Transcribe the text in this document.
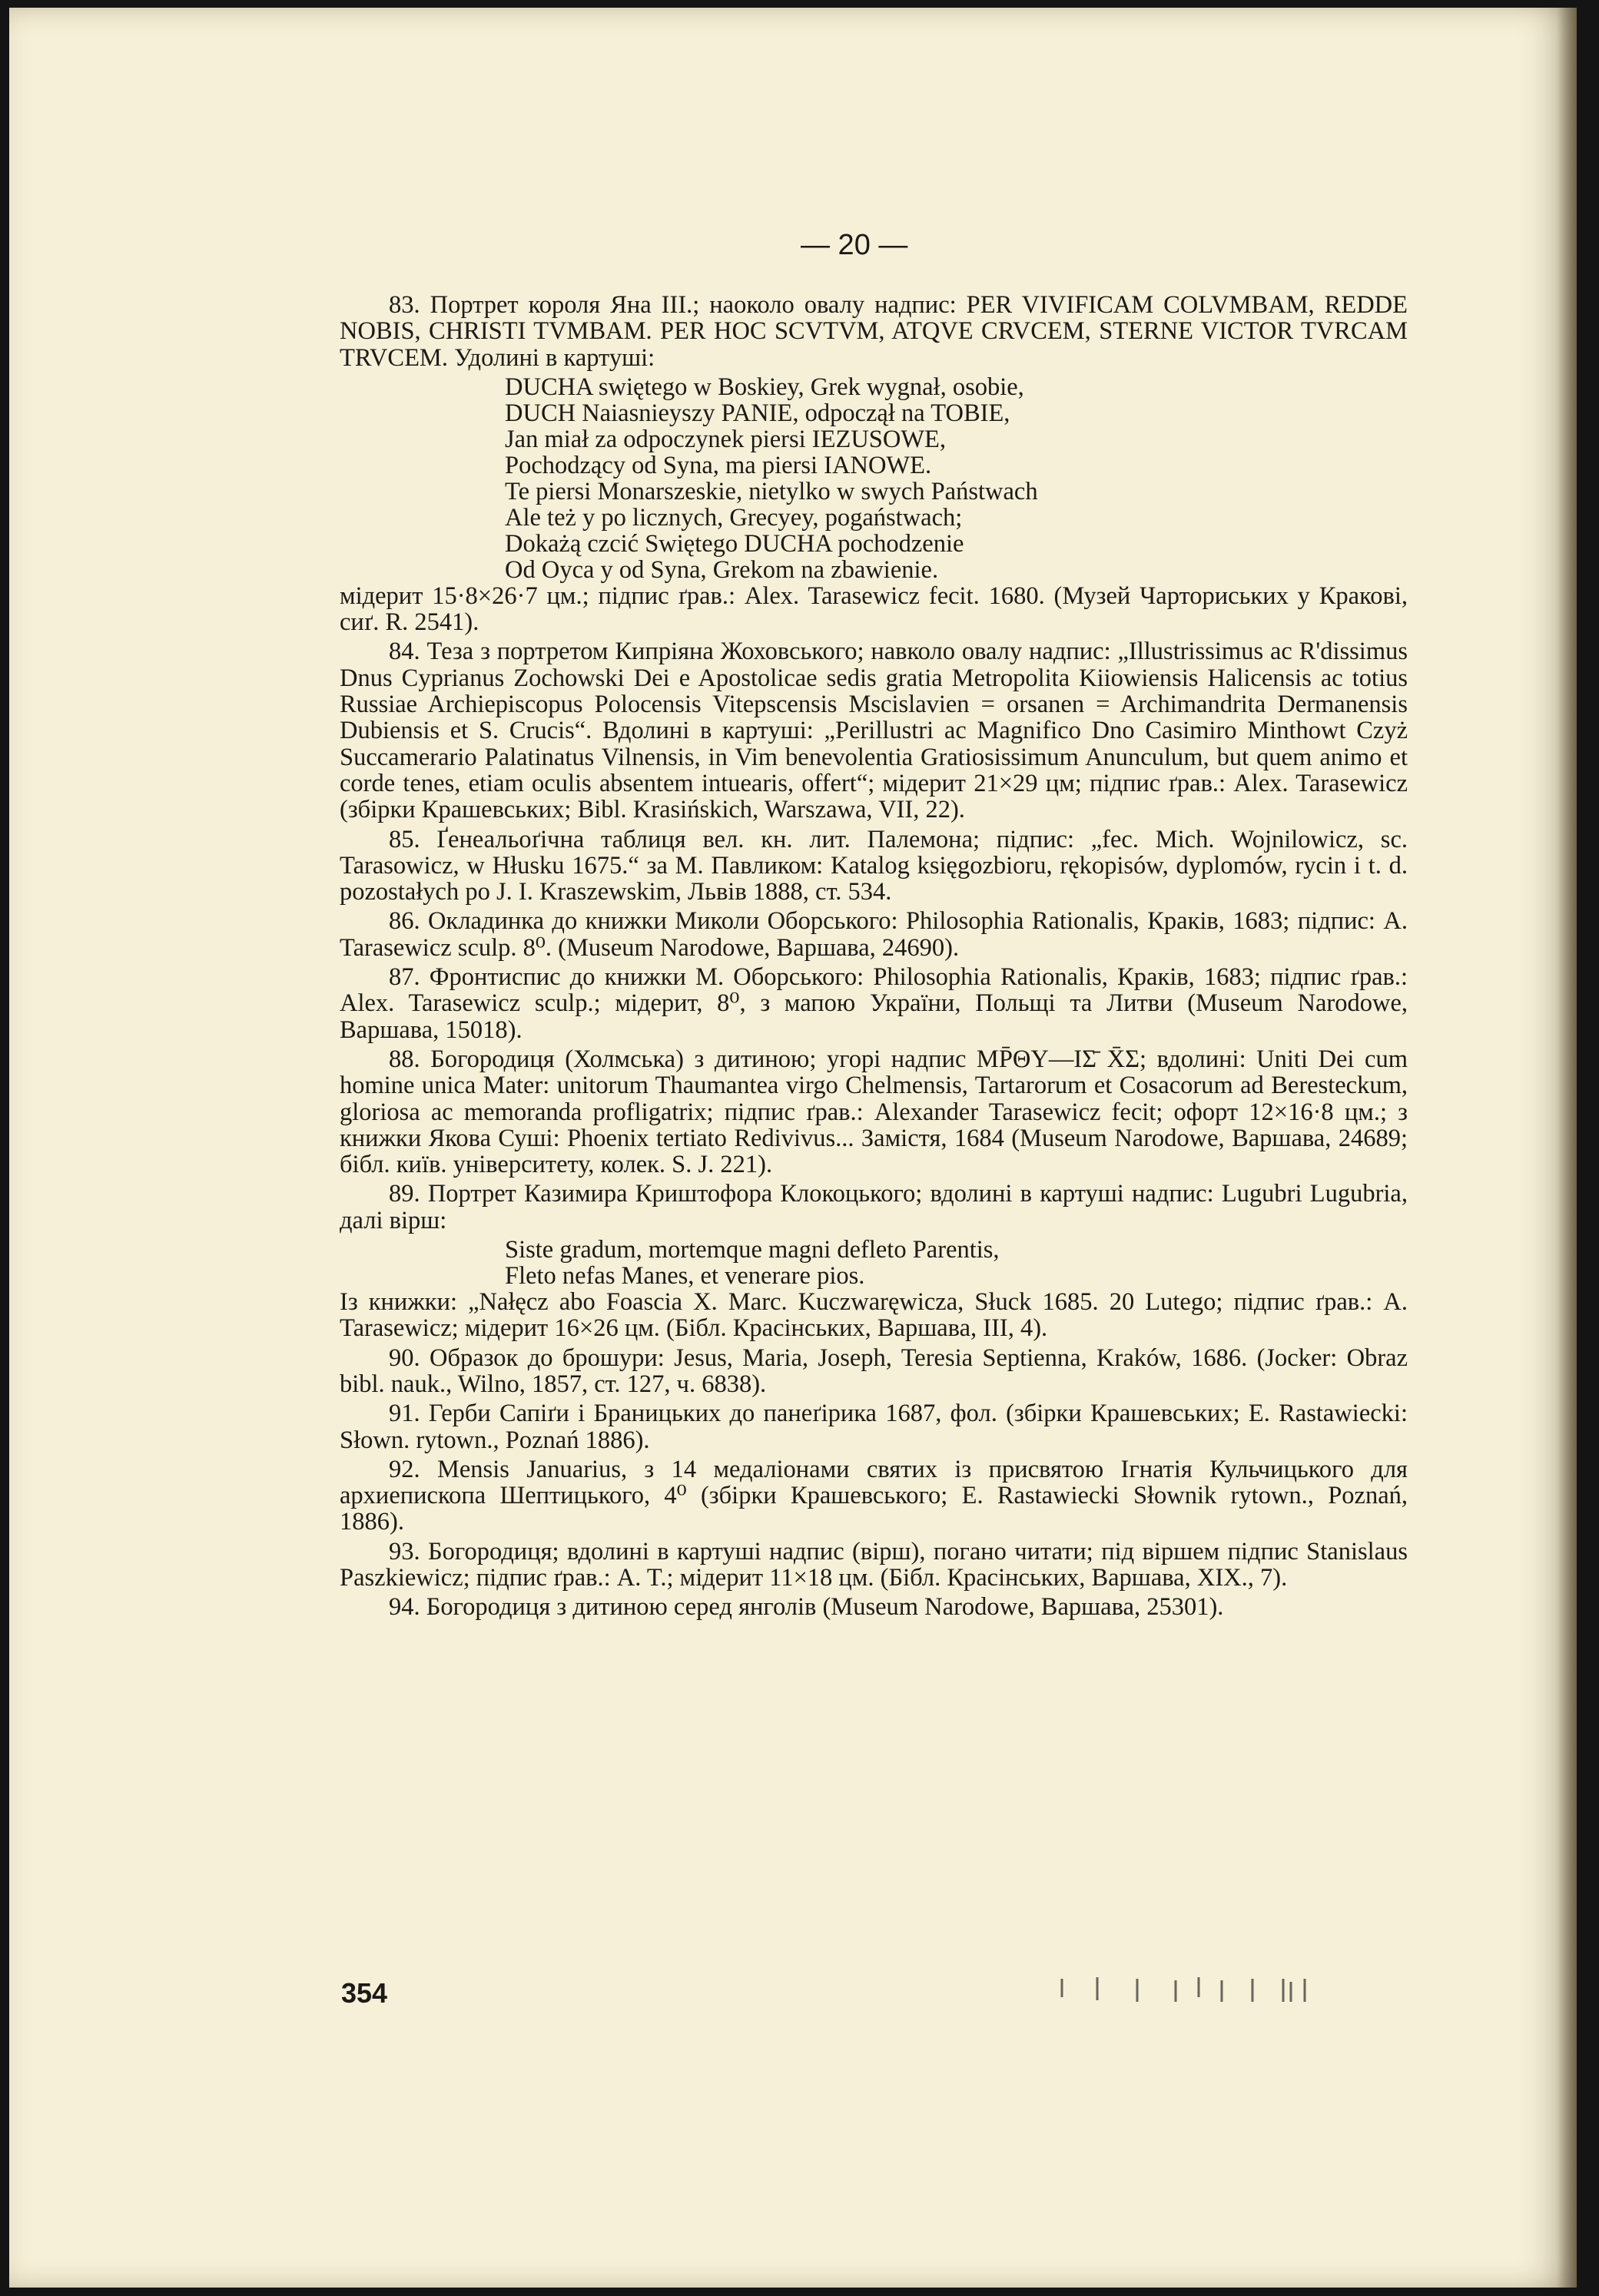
— 20 —

83. Портрет короля Яна III.; наоколо овалу надпис: PER VIVIFICAM COLVMBAM, REDDE NOBIS, CHRISTI TVMBAM. PER HOC SCVTVM, ATQVE CRVCEM, STERNE VICTOR TVRCAM TRVCEM. Удолині в картуші:

DUCHA swiętego w Boskiey, Grek wygnał, osobie,
DUCH Naiasnieyszy PANIE, odpoczął na TOBIE,
Jan miał za odpoczynek piersi IEZUSOWE,
Pochodzący od Syna, ma piersi IANOWE.
Te piersi Monarszeskie, nietylko w swych Państwach
Ale też y po licznych, Grecyey, pogaństwach;
Dokażą czcić Swiętego DUCHA pochodzenie
Od Oyca y od Syna, Grekom na zbawienie.

мідерит 15·8×26·7 цм.; підпис ґрав.: Alex. Tarasewicz fecit. 1680. (Музей Чарториських у Кракові, сиґ. R. 2541).

84. Теза з портретом Кипріяна Жоховського; навколо овалу надпис: „Illustrissimus ac R'dissimus Dnus Cyprianus Zochowski Dei e Apostolicae sedis gratia Metropolita Kiiowiensis Halicensis ac totius Russiae Archiepiscopus Polocensis Vitepscensis Mscislavien = orsanen = Archimandrita Dermanensis Dubiensis et S. Crucis“. Вдолині в картуші: „Perillustri ac Magnifico Dno Casimiro Minthowt Czyż Succamerario Palatinatus Vilnensis, in Vim benevolentia Gratiosissimum Anunculum, but quem animo et corde tenes, etiam oculis absentem intuearis, offert“; мідерит 21×29 цм; підпис ґрав.: Alex. Tarasewicz (збірки Крашевських; Bibl. Krasińskich, Warszawa, VII, 22).

85. Ґенеальоґічна таблиця вел. кн. лит. Палемона; підпис: „fec. Mich. Wojnilowicz, sc. Tarasowicz, w Hłusku 1675.“ за М. Павликом: Katalog księgozbioru, rękopisów, dyplomów, rycin i t. d. pozostałych po J. I. Kraszewskim, Львів 1888, ст. 534.

86. Окладинка до книжки Миколи Оборського: Philosophia Rationalis, Краків, 1683; підпис: A. Tarasewicz sculp. 8⁰. (Museum Narodowe, Варшава, 24690).

87. Фронтиспис до книжки М. Оборського: Philosophia Rationalis, Краків, 1683; підпис ґрав.: Alex. Tarasewicz sculp.; мідерит, 8⁰, з мапою України, Польщі та Литви (Museum Narodowe, Варшава, 15018).

88. Богородиця (Холмська) з дитиною; угорі надпис MP̄ΘY—IΣ̄ X̄Σ; вдолині: Uniti Dei cum homine unica Mater: unitorum Thaumantea virgo Chelmensis, Tartarorum et Cosacorum ad Beresteckum, gloriosa ac memoranda profligatrix; підпис ґрав.: Alexander Tarasewicz fecit; офорт 12×16·8 цм.; з книжки Якова Суші: Phoenix tertiato Redivivus... Замістя, 1684 (Museum Narodowe, Варшава, 24689; бібл. київ. університету, колек. S. J. 221).

89. Портрет Казимира Криштофора Клокоцького; вдолині в картуші надпис: Lugubri Lugubria, далі вірш:

Siste gradum, mortemque magni defleto Parentis,
Fleto nefas Manes, et venerare pios.

Із книжки: „Nałęcz abo Foascia X. Marc. Kuczwaręwicza, Słuck 1685. 20 Lutego; підпис ґрав.: A. Tarasewicz; мідерит 16×26 цм. (Бібл. Красінських, Варшава, III, 4).

90. Образок до брошури: Jesus, Maria, Joseph, Teresia Septienna, Kraków, 1686. (Jocker: Obraz bibl. nauk., Wilno, 1857, ст. 127, ч. 6838).

91. Герби Сапіґи і Браницьких до панеґірика 1687, фол. (збірки Крашевських; E. Rastawiecki: Słown. rytown., Poznań 1886).

92. Mensis Januarius, з 14 медаліонами святих із присвятою Ігнатія Кульчицького для архиепископа Шептицького, 4⁰ (збірки Крашевського; E. Rastawiecki Słownik rytown., Poznań, 1886).

93. Богородиця; вдолині в картуші надпис (вірш), погано читати; під віршем підпис Stanislaus Paszkiewicz; підпис ґрав.: A. T.; мідерит 11×18 цм. (Бібл. Красінських, Варшава, XIX., 7).

94. Богородиця з дитиною серед янголів (Museum Narodowe, Варшава, 25301).

354
